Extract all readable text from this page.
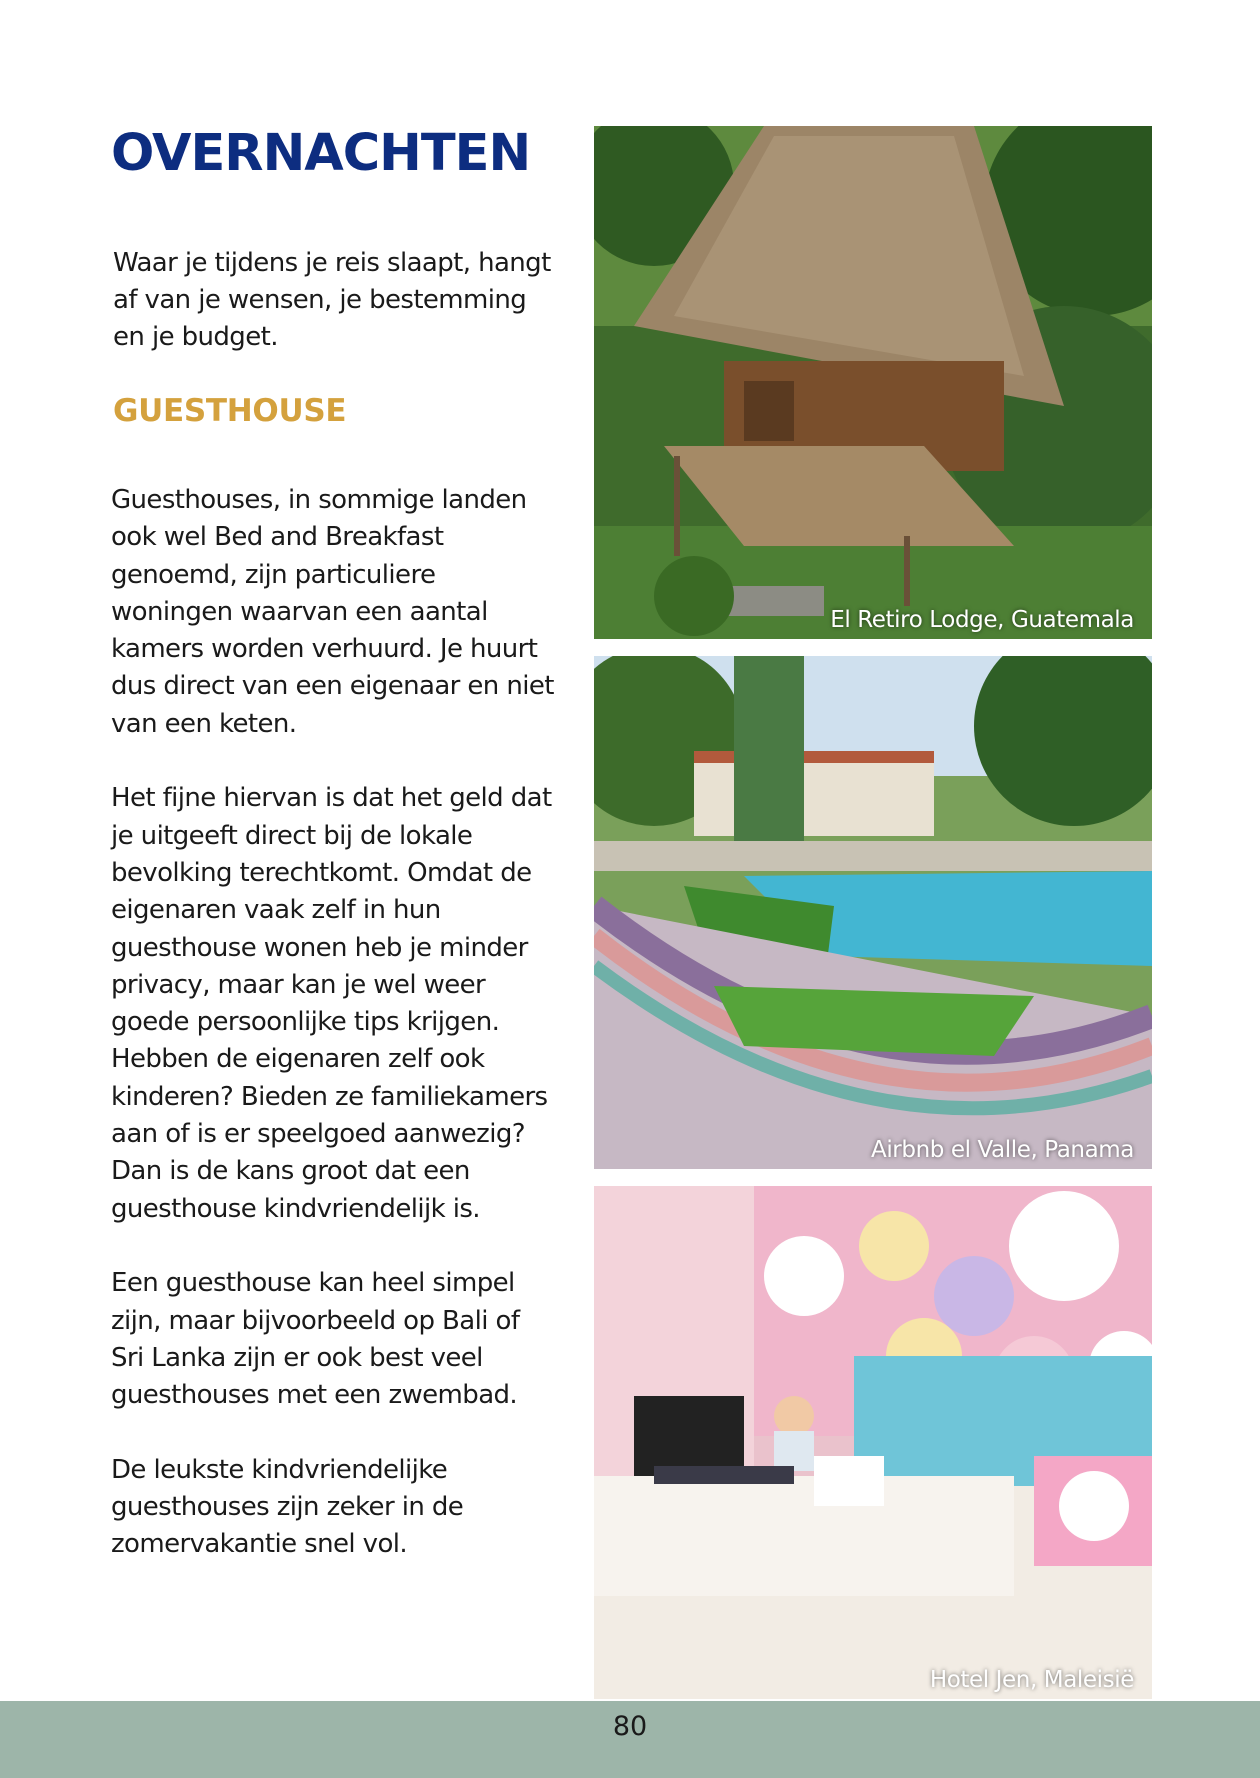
OVERNACHTEN

Waar je tijdens je reis slaapt, hangt af van je wensen, je bestemming en je budget.

GUESTHOUSE

Guesthouses, in sommige landen ook wel Bed and Breakfast genoemd, zijn particuliere woningen waarvan een aantal kamers worden verhuurd. Je huurt dus direct van een eigenaar en niet van een keten.

Het fijne hiervan is dat het geld dat je uitgeeft direct bij de lokale bevolking terechtkomt. Omdat de eigenaren vaak zelf in hun guesthouse wonen heb je minder privacy, maar kan je wel weer goede persoonlijke tips krijgen. Hebben de eigenaren zelf ook kinderen? Bieden ze familiekamers aan of is er speelgoed aanwezig? Dan is de kans groot dat een guesthouse kindvriendelijk is.

Een guesthouse kan heel simpel zijn, maar bijvoorbeeld op Bali of Sri Lanka zijn er ook best veel guesthouses met een zwembad.

De leukste kindvriendelijke guesthouses zijn zeker in de zomervakantie snel vol.

El Retiro Lodge, Guatemala
Airbnb el Valle, Panama
Hotel Jen, Maleisië
80
